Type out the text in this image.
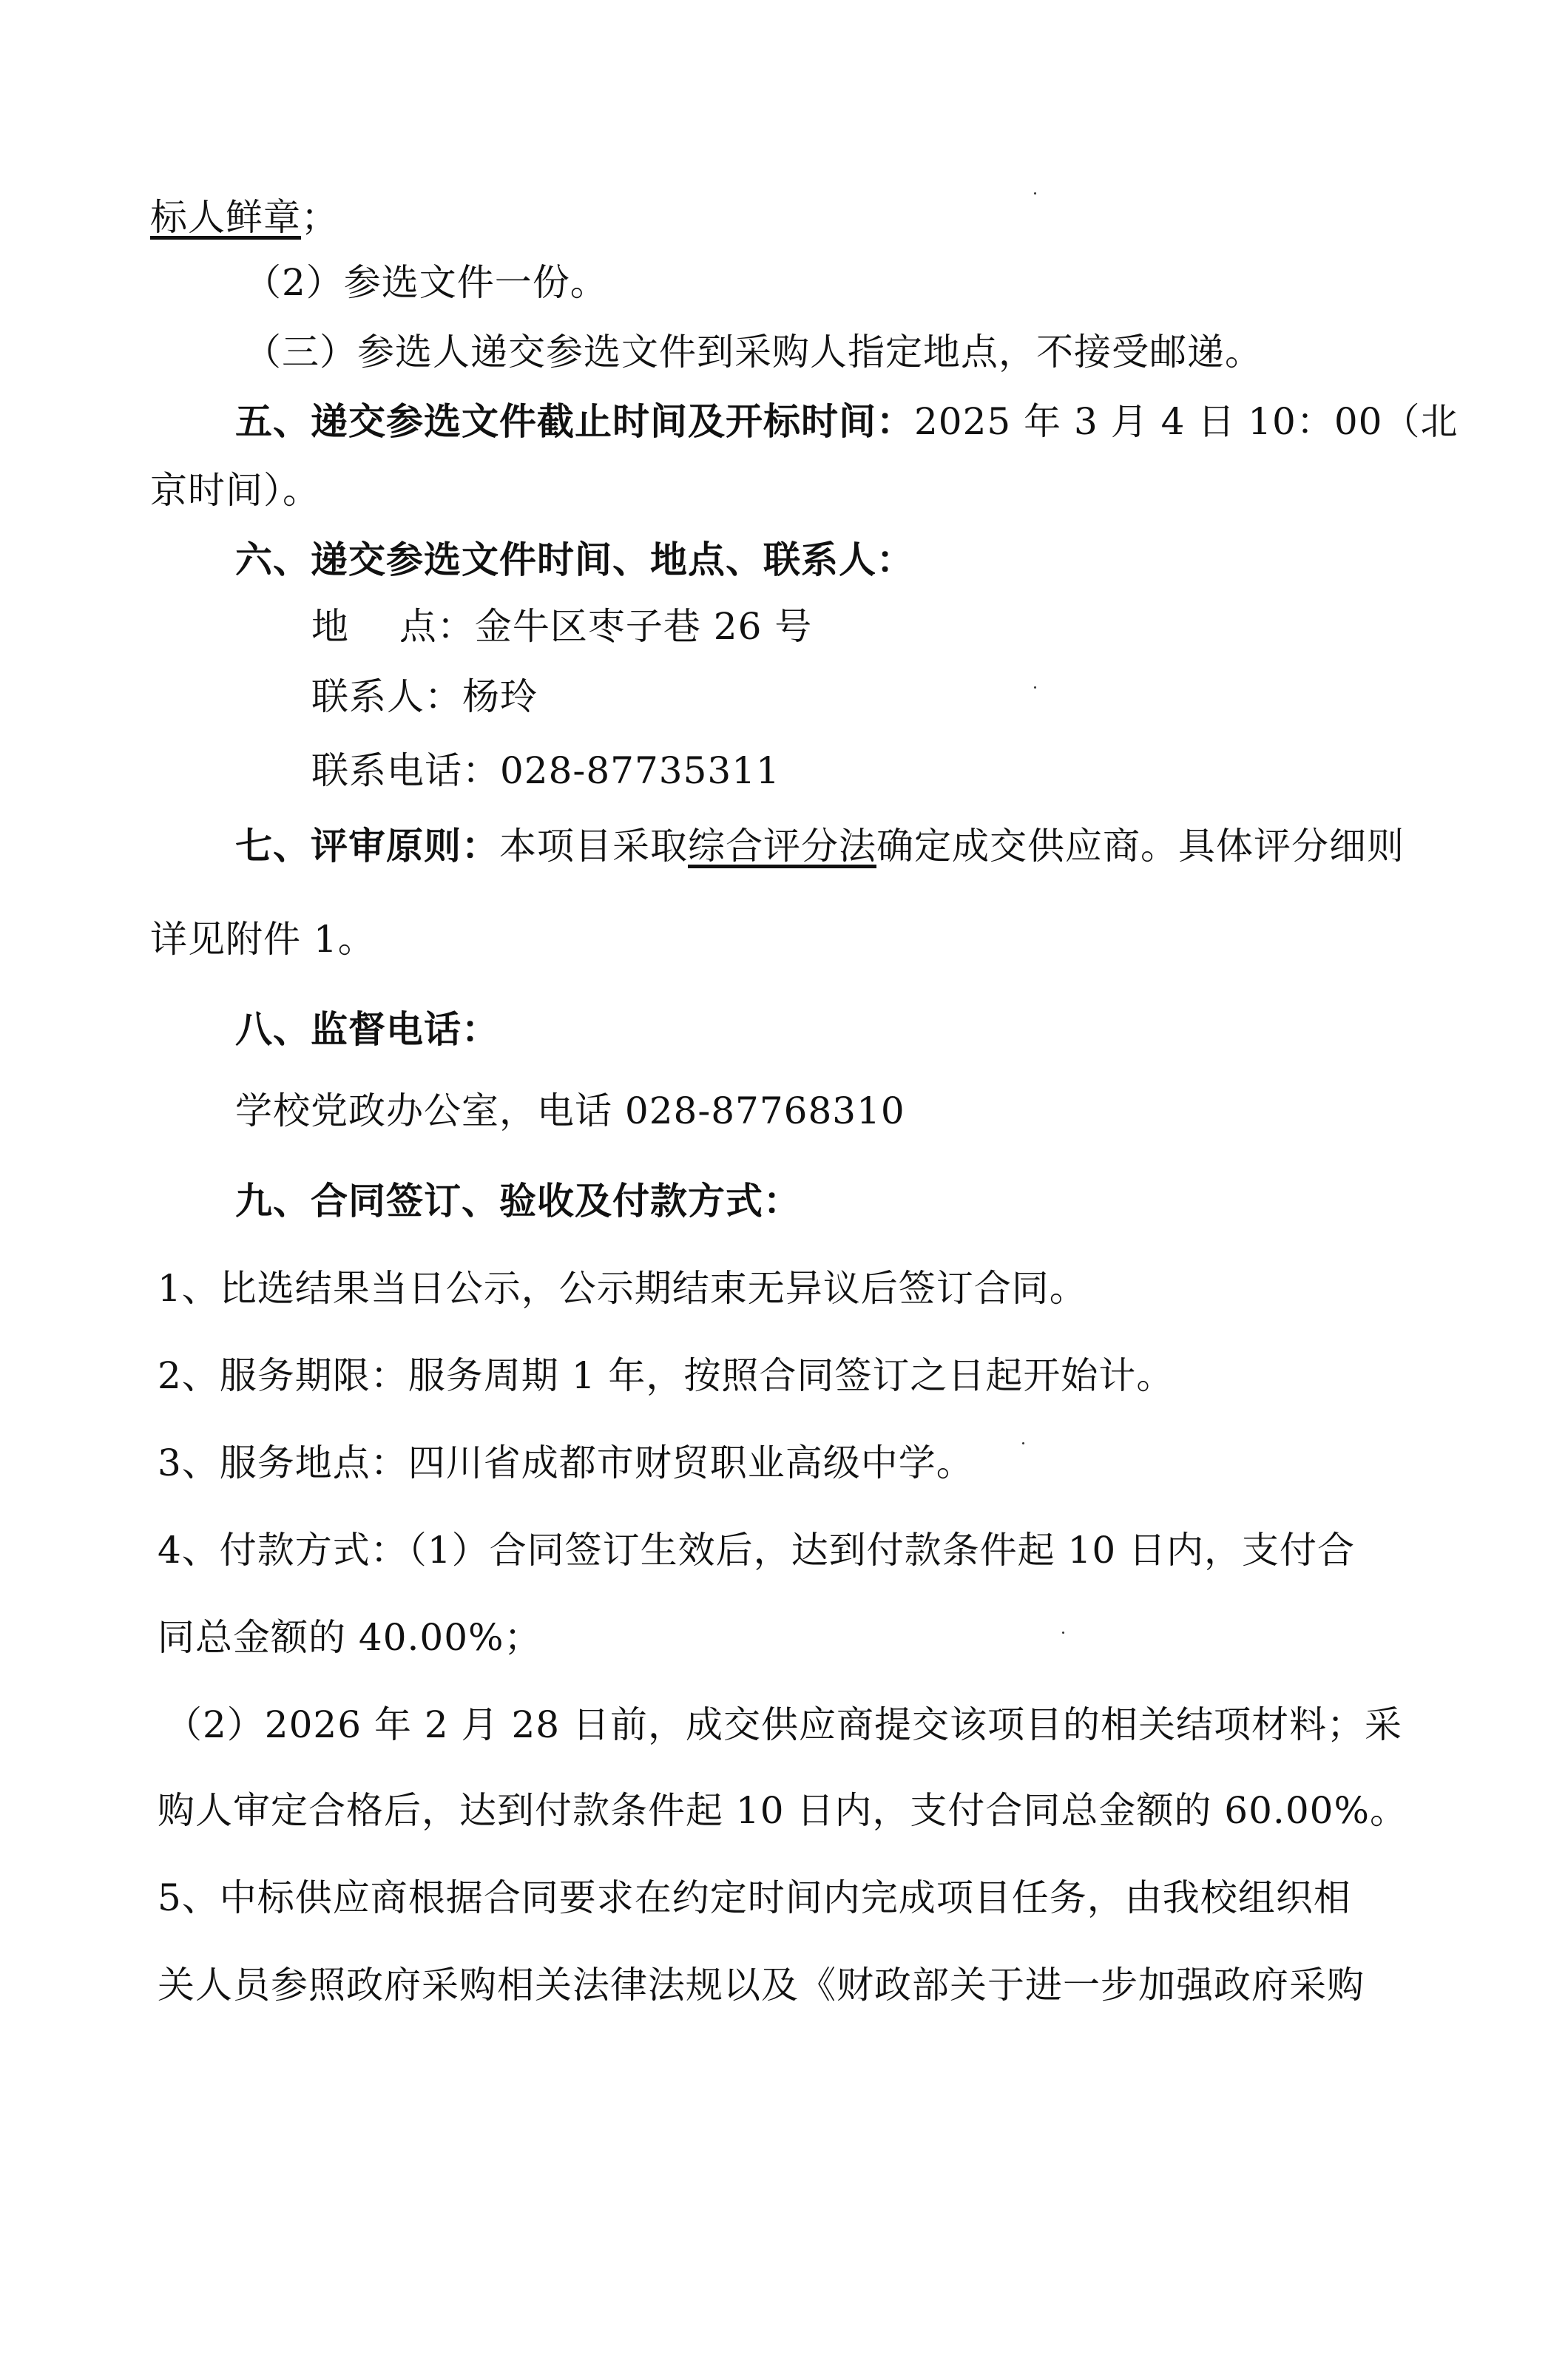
标人鲜章；
（2）参选文件一份。
（三）参选人递交参选文件到采购人指定地点，不接受邮递。
五、递交参选文件截止时间及开标时间：2025 年 3 月 4 日 10：00（北
京时间）。
六、递交参选文件时间、地点、联系人：
地　 点：金牛区枣子巷 26 号
联系人：杨玲
联系电话：028-87735311
七、评审原则：本项目采取综合评分法确定成交供应商。具体评分细则
详见附件 1。
八、监督电话：
学校党政办公室，电话 028-87768310
九、合同签订、验收及付款方式：
1、比选结果当日公示，公示期结束无异议后签订合同。
2、服务期限：服务周期 1 年，按照合同签订之日起开始计。
3、服务地点：四川省成都市财贸职业高级中学。
4、付款方式：（1）合同签订生效后，达到付款条件起 10 日内，支付合
同总金额的 40.00%；
（2）2026 年 2 月 28 日前，成交供应商提交该项目的相关结项材料；采
购人审定合格后，达到付款条件起 10 日内，支付合同总金额的 60.00%。
5、中标供应商根据合同要求在约定时间内完成项目任务，由我校组织相
关人员参照政府采购相关法律法规以及《财政部关于进一步加强政府采购
